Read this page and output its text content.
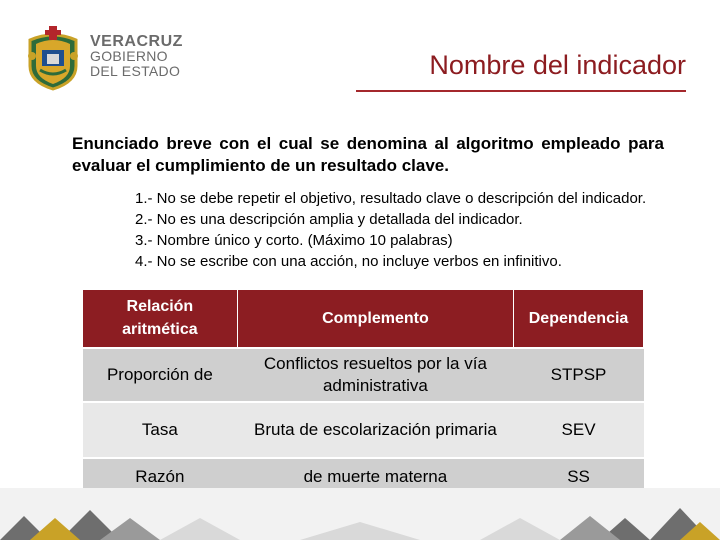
VERACRUZ
GOBIERNO
DEL ESTADO	Nombre del indicador
Enunciado breve con el cual se denomina al algoritmo empleado para evaluar el cumplimiento de un resultado clave.
1.- No se debe repetir el objetivo, resultado clave o descripción del indicador.
2.- No es una descripción amplia y detallada del indicador.
3.- Nombre único y corto. (Máximo 10 palabras)
4.- No se escribe con una acción, no incluye verbos en infinitivo.
Relación aritmética	Complemento	Dependencia
Proporción de	Conflictos resueltos por la vía administrativa	STPSP
Tasa	Bruta de escolarización primaria	SEV
Razón	de muerte materna	SS
